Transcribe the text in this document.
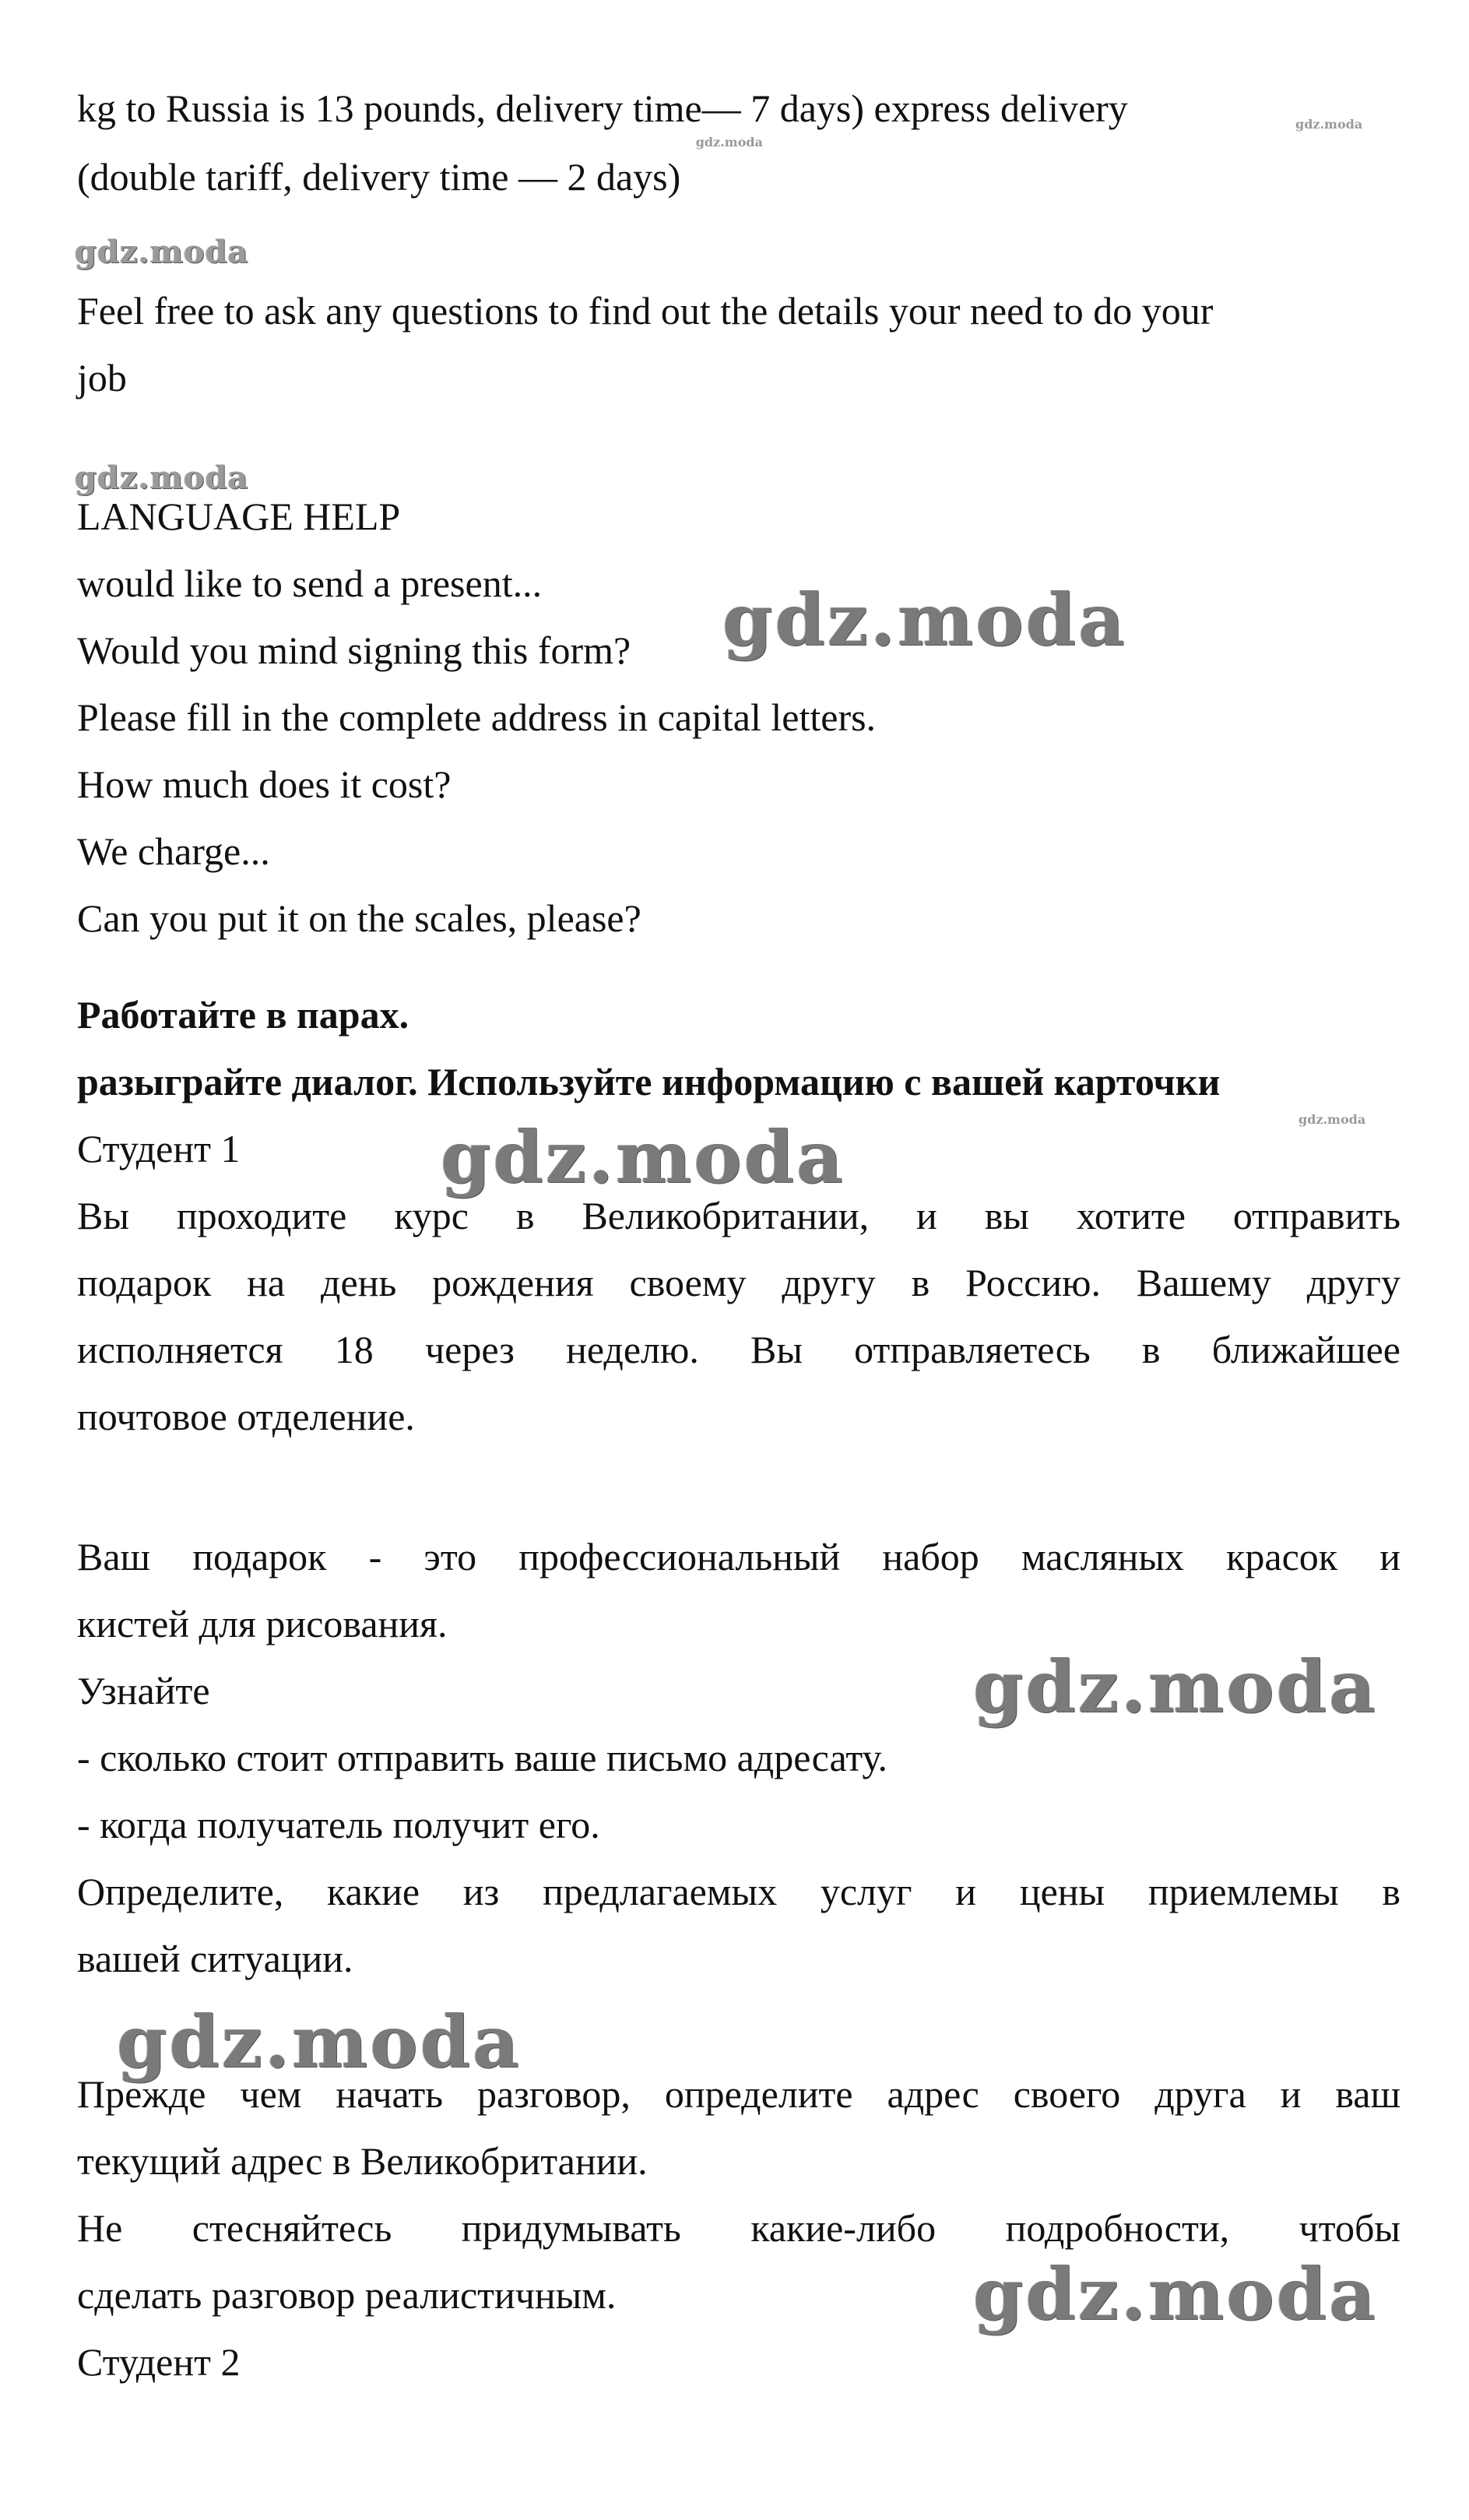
kg to Russia is 13 pounds, delivery time—
gdz.moda
7 days) express delivery	gdz.moda
(double tariff, delivery time — 2 days)
gdz.moda
Feel free to ask any questions to find out the details your need to do your
job
gdz.moda
LANGUAGE HELP
would like to send a present...
Would you mind signing this form? gdz.moda
Please fill in the complete address in capital letters.
How much does it cost?
We charge...
Can you put it on the scales, please?
Работайте в парах.
разыграйте диалог. Используйте информацию с вашей карточки
gdz.moda
Студент 1	gdz.moda
Вы проходите курс в Великобритании, и вы хотите отправить
подарок на день рождения своему другу в Россию. Вашему другу
исполняется 18 через неделю. Вы отправляетесь в ближайшее
почтовое отделение.
Ваш подарок - это профессиональный набор масляных красок и
кистей для рисования.
Узнайте	gdz.moda
- сколько стоит отправить ваше письмо адресату.
- когда получатель получит его.
Определите, какие из предлагаемых услуг и цены приемлемы в
вашей ситуации.
gdz.moda
Прежде чем начать разговор, определите адрес своего друга и ваш
текущий адрес в Великобритании.
Не стесняйтесь придумывать какие-либо подробности, чтобы
сделать разговор реалистичным.	gdz.moda
Студент 2
